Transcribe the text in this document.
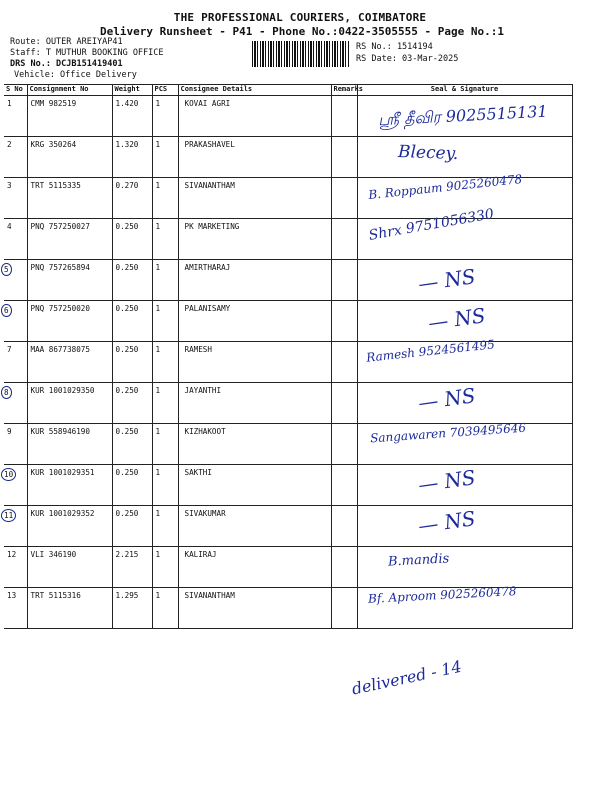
THE PROFESSIONAL COURIERS, COIMBATORE
Delivery Runsheet - P41 - Phone No.:0422-3505555 - Page No.:1
Route: OUTER AREIYAP41
Staff: T MUTHUR BOOKING OFFICE
DRS No.: DCJB151419401
Vehicle: Office Delivery
RS No.: 1514194
RS Date: 03-Mar-2025
S No	Consignment No	Weight	PCS	Consignee Details	Remarks	Seal & Signature

1	CMM 982519	1.420	1	KOVAI AGRI		ஸ்ரீ தீவிர 9025515131

2	KRG 350264	1.320	1	PRAKASHAVEL		Blecey.

3	TRT 5115335	0.270	1	SIVANANTHAM		B. Roppaum 9025260478

4	PNQ 757250027	0.250	1	PK MARKETING		Shrx 9751056330

5	PNQ 757265894	0.250	1	AMIRTHARAJ		— NS

6	PNQ 757250020	0.250	1	PALANISAMY		— NS

7	MAA 867738075	0.250	1	RAMESH		Ramesh 9524561495

8	KUR 1001029350	0.250	1	JAYANTHI		— NS

9	KUR 558946190	0.250	1	KIZHAKOOT		Sangawaren 7039495646

10	KUR 1001029351	0.250	1	SAKTHI		— NS

11	KUR 1001029352	0.250	1	SIVAKUMAR		— NS

12	VLI 346190	2.215	1	KALIRAJ		B.mandis

13	TRT 5115316	1.295	1	SIVANANTHAM		Bf. Aproom 9025260478
delivered - 14
